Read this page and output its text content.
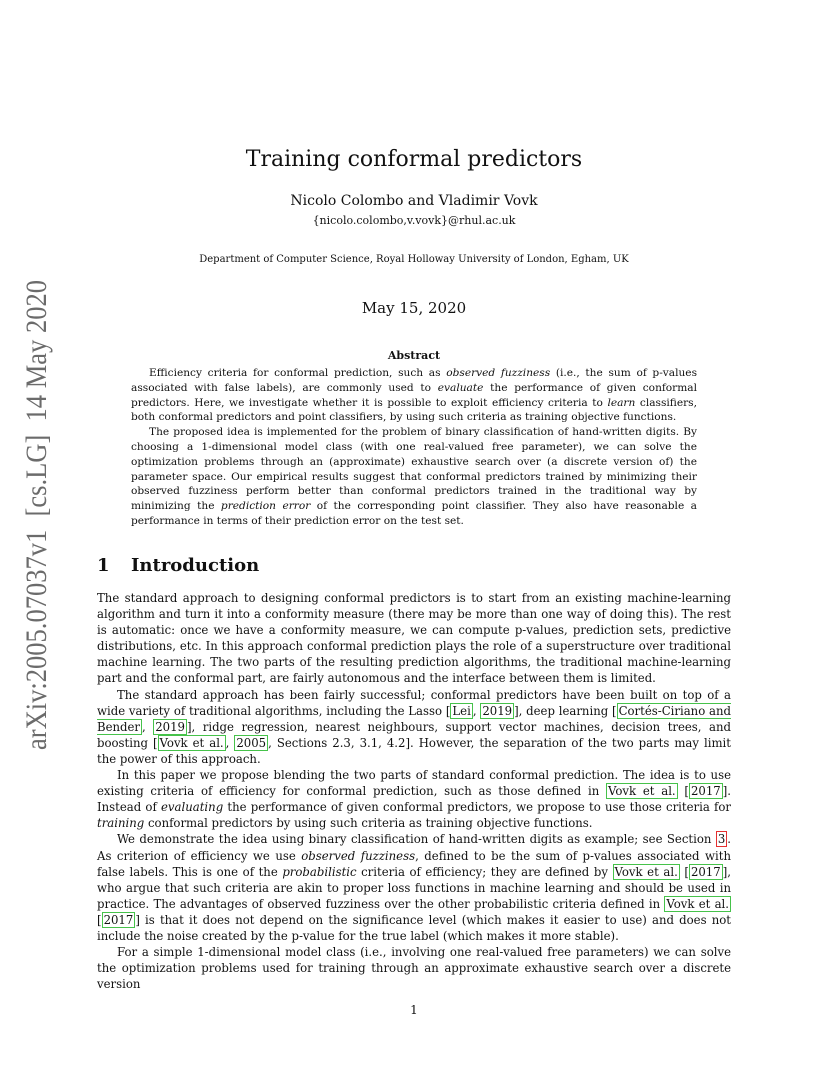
arXiv:2005.07037v1  [cs.LG]  14 May 2020
Training conformal predictors
Nicolo Colombo and Vladimir Vovk
{nicolo.colombo,v.vovk}@rhul.ac.uk
Department of Computer Science, Royal Holloway University of London, Egham, UK
May 15, 2020
Abstract

Efficiency criteria for conformal prediction, such as observed fuzziness (i.e., the sum of p-values associated with false labels), are commonly used to evaluate the performance of given conformal predictors. Here, we investigate whether it is possible to exploit efficiency criteria to learn classifiers, both conformal predictors and point classifiers, by using such criteria as training objective functions.

The proposed idea is implemented for the problem of binary classification of hand-written digits. By choosing a 1-dimensional model class (with one real-valued free parameter), we can solve the optimization problems through an (approximate) exhaustive search over (a discrete version of) the parameter space. Our empirical results suggest that conformal predictors trained by minimizing their observed fuzziness perform better than conformal predictors trained in the traditional way by minimizing the prediction error of the corresponding point classifier. They also have reasonable a performance in terms of their prediction error on the test set.

1 Introduction

The standard approach to designing conformal predictors is to start from an existing machine-learning algorithm and turn it into a conformity measure (there may be more than one way of doing this). The rest is automatic: once we have a conformity measure, we can compute p-values, prediction sets, predictive distributions, etc. In this approach conformal prediction plays the role of a superstructure over traditional machine learning. The two parts of the resulting prediction algorithms, the traditional machine-learning part and the conformal part, are fairly autonomous and the interface between them is limited.

The standard approach has been fairly successful; conformal predictors have been built on top of a wide variety of traditional algorithms, including the Lasso [ Lei , 2019 ], deep learning [ Cortés-Ciriano and Bender , 2019 ], ridge regression, nearest neighbours, support vector machines, decision trees, and boosting [ Vovk et al. , 2005 , Sections 2.3, 3.1, 4.2]. However, the separation of the two parts may limit the power of this approach.

In this paper we propose blending the two parts of standard conformal prediction. The idea is to use existing criteria of efficiency for conformal prediction, such as those defined in Vovk et al. [ 2017 ]. Instead of evaluating the performance of given conformal predictors, we propose to use those criteria for training conformal predictors by using such criteria as training objective functions.

We demonstrate the idea using binary classification of hand-written digits as example; see Section 3 . As criterion of efficiency we use observed fuzziness, defined to be the sum of p-values associated with false labels. This is one of the probabilistic criteria of efficiency; they are defined by Vovk et al. [ 2017 ], who argue that such criteria are akin to proper loss functions in machine learning and should be used in practice. The advantages of observed fuzziness over the other probabilistic criteria defined in Vovk et al. [ 2017 ] is that it does not depend on the significance level (which makes it easier to use) and does not include the noise created by the p-value for the true label (which makes it more stable).

For a simple 1-dimensional model class (i.e., involving one real-valued free parameters) we can solve the optimization problems used for training through an approximate exhaustive search over a discrete version

1
